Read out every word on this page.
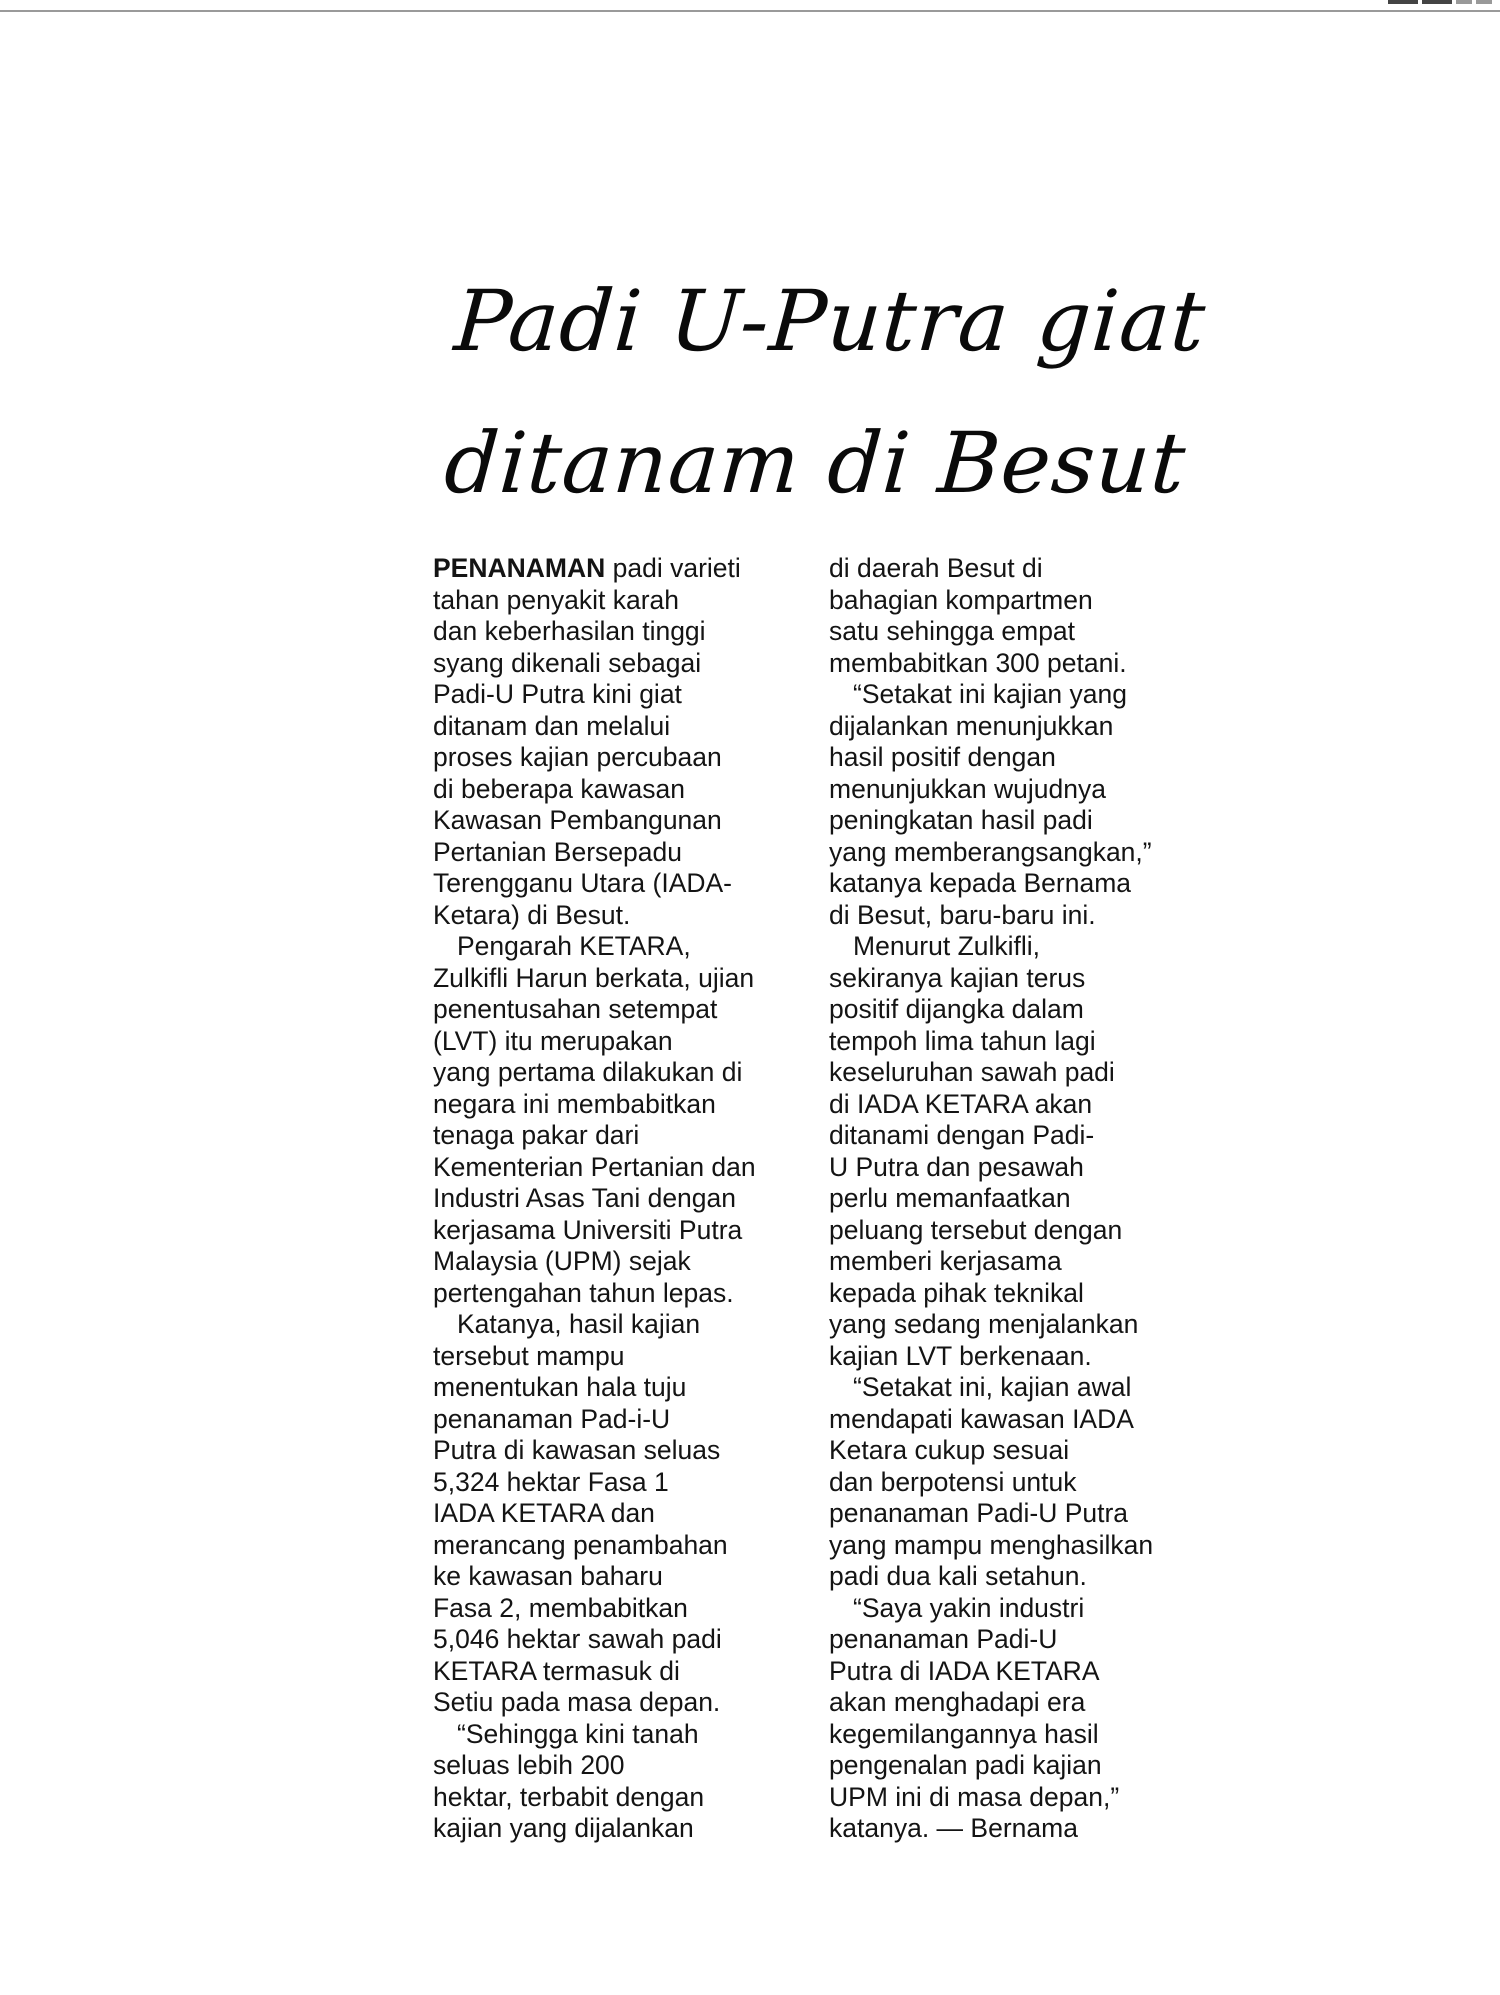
Padi U-Putra giat
ditanam di Besut
PENANAMAN padi varieti
tahan penyakit karah
dan keberhasilan tinggi
syang dikenali sebagai
Padi-U Putra kini giat
ditanam dan melalui
proses kajian percubaan
di beberapa kawasan
Kawasan Pembangunan
Pertanian Bersepadu
Terengganu Utara (IADA-
Ketara) di Besut.
Pengarah KETARA,
Zulkifli Harun berkata, ujian
penentusahan setempat
(LVT) itu merupakan
yang pertama dilakukan di
negara ini membabitkan
tenaga pakar dari
Kementerian Pertanian dan
Industri Asas Tani dengan
kerjasama Universiti Putra
Malaysia (UPM) sejak
pertengahan tahun lepas.
Katanya, hasil kajian
tersebut mampu
menentukan hala tuju
penanaman Pad-i-U
Putra di kawasan seluas
5,324 hektar Fasa 1
IADA KETARA dan
merancang penambahan
ke kawasan baharu
Fasa 2, membabitkan
5,046 hektar sawah padi
KETARA termasuk di
Setiu pada masa depan.
“Sehingga kini tanah
seluas lebih 200
hektar, terbabit dengan
kajian yang dijalankan
di daerah Besut di
bahagian kompartmen
satu sehingga empat
membabitkan 300 petani.
“Setakat ini kajian yang
dijalankan menunjukkan
hasil positif dengan
menunjukkan wujudnya
peningkatan hasil padi
yang memberangsangkan,”
katanya kepada Bernama
di Besut, baru-baru ini.
Menurut Zulkifli,
sekiranya kajian terus
positif dijangka dalam
tempoh lima tahun lagi
keseluruhan sawah padi
di IADA KETARA akan
ditanami dengan Padi-
U Putra dan pesawah
perlu memanfaatkan
peluang tersebut dengan
memberi kerjasama
kepada pihak teknikal
yang sedang menjalankan
kajian LVT berkenaan.
“Setakat ini, kajian awal
mendapati kawasan IADA
Ketara cukup sesuai
dan berpotensi untuk
penanaman Padi-U Putra
yang mampu menghasilkan
padi dua kali setahun.
“Saya yakin industri
penanaman Padi-U
Putra di IADA KETARA
akan menghadapi era
kegemilangannya hasil
pengenalan padi kajian
UPM ini di masa depan,”
katanya. — Bernama
